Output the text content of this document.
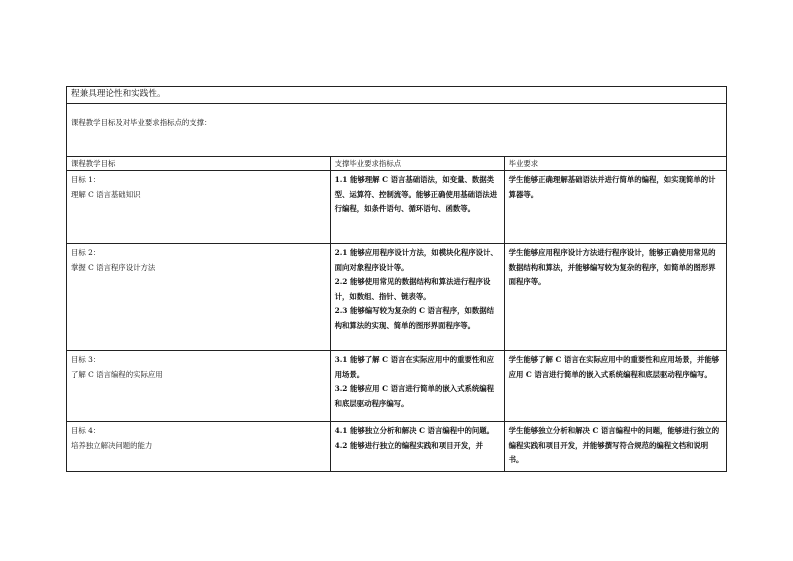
程兼具理论性和实践性。		
课程教学目标及对毕业要求指标点的支撑：		
课程教学目标	支撑毕业要求指标点	毕业要求

目标 1：
理解 C 语言基础知识	1.1 能够理解 C 语言基础语法，如变量、数据类型、运算符、控制流等。能够正确使用基础语法进行编程，如条件语句、循环语句、函数等。	学生能够正确理解基础语法并进行简单的编程，如实现简单的计算器等。

目标 2：
掌握 C 语言程序设计方法	2.1 能够应用程序设计方法，如模块化程序设计、面向对象程序设计等。
2.2 能够使用常见的数据结构和算法进行程序设计，如数组、指针、链表等。
2.3 能够编写较为复杂的 C 语言程序，如数据结构和算法的实现、简单的图形界面程序等。	学生能够应用程序设计方法进行程序设计，能够正确使用常见的数据结构和算法，并能够编写较为复杂的程序，如简单的图形界面程序等。

目标 3：
了解 C 语言编程的实际应用	3.1 能够了解 C 语言在实际应用中的重要性和应用场景。
3.2 能够应用 C 语言进行简单的嵌入式系统编程和底层驱动程序编写。	学生能够了解 C 语言在实际应用中的重要性和应用场景，并能够应用 C 语言进行简单的嵌入式系统编程和底层驱动程序编写。

目标 4：
培养独立解决问题的能力	4.1 能够独立分析和解决 C 语言编程中的问题。
4.2 能够进行独立的编程实践和项目开发，并	学生能够独立分析和解决 C 语言编程中的问题，能够进行独立的编程实践和项目开发，并能够撰写符合规范的编程文档和说明书。
